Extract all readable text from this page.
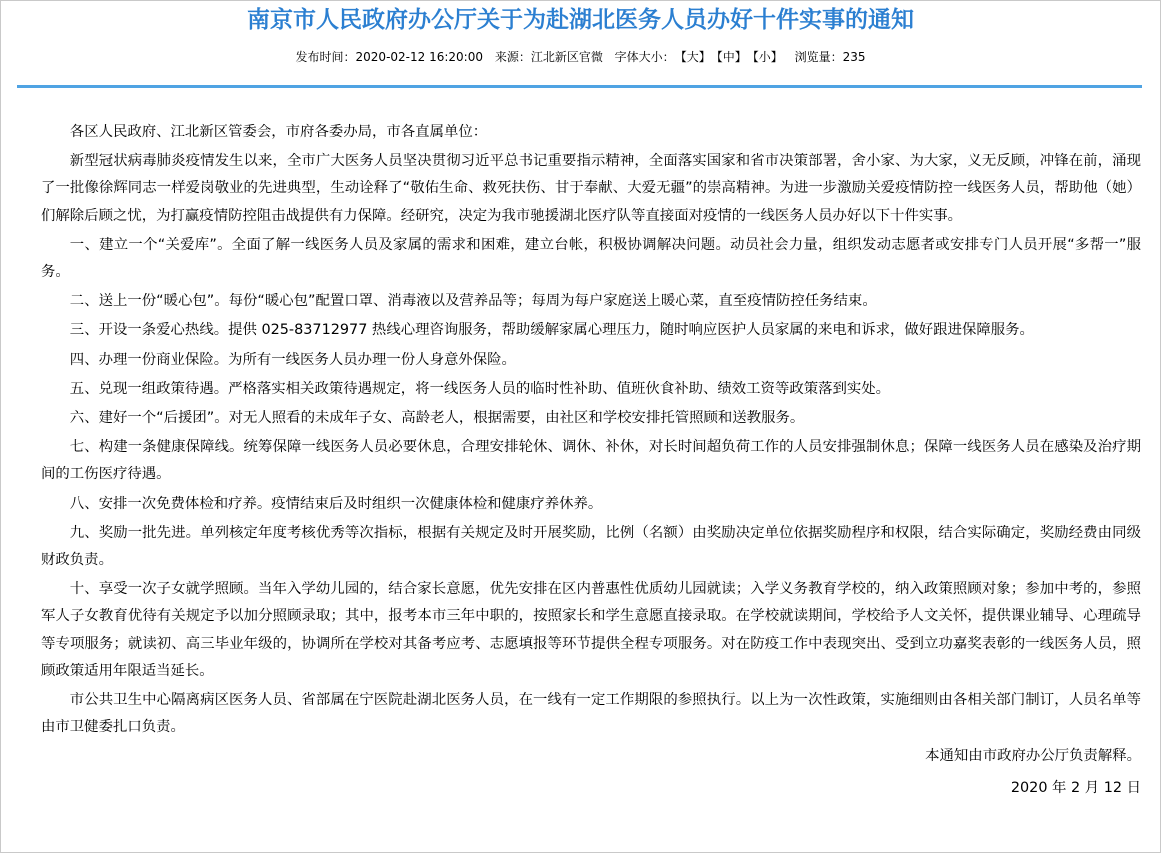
南京市人民政府办公厅关于为赴湖北医务人员办好十件实事的通知
发布时间：2020-02-12 16:20:00 来源：江北新区官微 字体大小：【大】【中】【小】 浏览量：235

各区人民政府、江北新区管委会，市府各委办局，市各直属单位：

新型冠状病毒肺炎疫情发生以来，全市广大医务人员坚决贯彻习近平总书记重要指示精神，全面落实国家和省市决策部署，舍小家、为大家，义无反顾，冲锋在前，涌现了一批像徐辉同志一样爱岗敬业的先进典型，生动诠释了“敬佑生命、救死扶伤、甘于奉献、大爱无疆”的崇高精神。为进一步激励关爱疫情防控一线医务人员，帮助他（她）们解除后顾之忧，为打赢疫情防控阻击战提供有力保障。经研究，决定为我市驰援湖北医疗队等直接面对疫情的一线医务人员办好以下十件实事。

一、建立一个“关爱库”。全面了解一线医务人员及家属的需求和困难，建立台帐，积极协调解决问题。动员社会力量，组织发动志愿者或安排专门人员开展“多帮一”服务。

二、送上一份“暖心包”。每份“暖心包”配置口罩、消毒液以及营养品等；每周为每户家庭送上暖心菜，直至疫情防控任务结束。

三、开设一条爱心热线。提供 025-83712977 热线心理咨询服务，帮助缓解家属心理压力，随时响应医护人员家属的来电和诉求，做好跟进保障服务。

四、办理一份商业保险。为所有一线医务人员办理一份人身意外保险。

五、兑现一组政策待遇。严格落实相关政策待遇规定，将一线医务人员的临时性补助、值班伙食补助、绩效工资等政策落到实处。

六、建好一个“后援团”。对无人照看的未成年子女、高龄老人，根据需要，由社区和学校安排托管照顾和送教服务。

七、构建一条健康保障线。统筹保障一线医务人员必要休息，合理安排轮休、调休、补休，对长时间超负荷工作的人员安排强制休息；保障一线医务人员在感染及治疗期间的工伤医疗待遇。

八、安排一次免费体检和疗养。疫情结束后及时组织一次健康体检和健康疗养休养。

九、奖励一批先进。单列核定年度考核优秀等次指标，根据有关规定及时开展奖励，比例（名额）由奖励决定单位依据奖励程序和权限，结合实际确定，奖励经费由同级财政负责。

十、享受一次子女就学照顾。当年入学幼儿园的，结合家长意愿，优先安排在区内普惠性优质幼儿园就读；入学义务教育学校的，纳入政策照顾对象；参加中考的，参照军人子女教育优待有关规定予以加分照顾录取；其中，报考本市三年中职的，按照家长和学生意愿直接录取。在学校就读期间，学校给予人文关怀，提供课业辅导、心理疏导等专项服务；就读初、高三毕业年级的，协调所在学校对其备考应考、志愿填报等环节提供全程专项服务。对在防疫工作中表现突出、受到立功嘉奖表彰的一线医务人员，照顾政策适用年限适当延长。

市公共卫生中心隔离病区医务人员、省部属在宁医院赴湖北医务人员，在一线有一定工作期限的参照执行。以上为一次性政策，实施细则由各相关部门制订，人员名单等由市卫健委扎口负责。

本通知由市政府办公厅负责解释。

2020 年 2 月 12 日
